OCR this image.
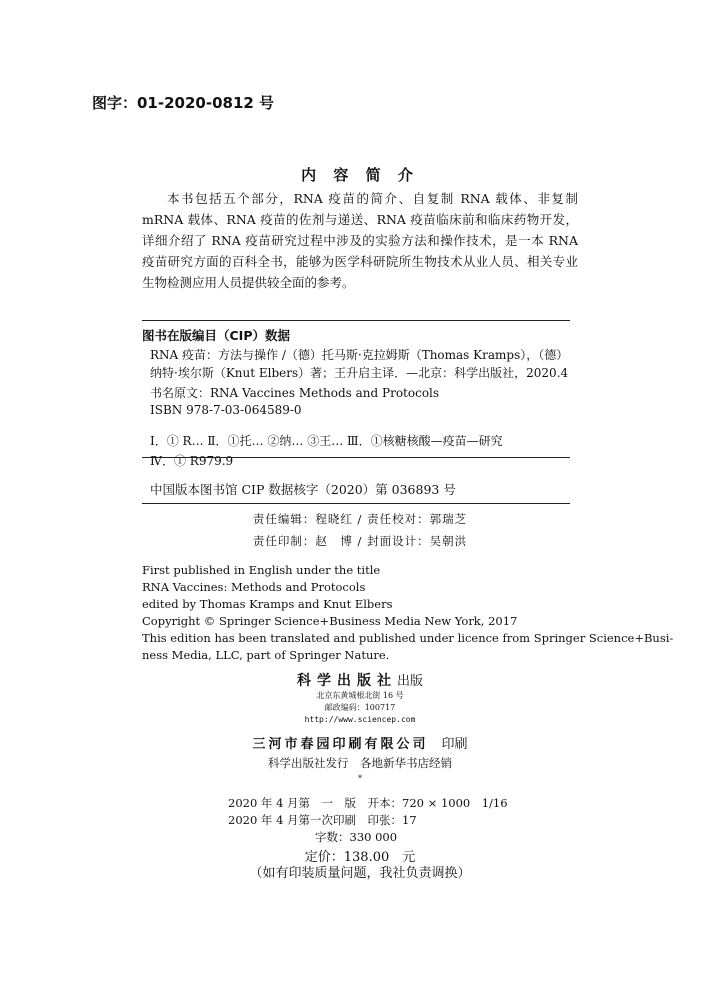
图字：01-2020-0812 号
内 容 简 介

本书包括五个部分，RNA 疫苗的简介、自复制 RNA 载体、非复制 mRNA 载体、RNA 疫苗的佐剂与递送、RNA 疫苗临床前和临床药物开发，详细介绍了 RNA 疫苗研究过程中涉及的实验方法和操作技术，是一本 RNA 疫苗研究方面的百科全书，能够为医学科研院所生物技术从业人员、相关专业生物检测应用人员提供较全面的参考。

图书在版编目（CIP）数据
RNA 疫苗：方法与操作 /（德）托马斯·克拉姆斯（Thomas Kramps），（德）
纳特·埃尔斯（Knut Elbers）著；王升启主译．—北京：科学出版社，2020.4
书名原文：RNA Vaccines Methods and Protocols
ISBN 978-7-03-064589-0
Ⅰ．① R… Ⅱ．①托… ②纳… ③王… Ⅲ．①核糖核酸—疫苗—研究
Ⅳ．① R979.9
中国版本图书馆 CIP 数据核字（2020）第 036893 号
责任编辑：程晓红 / 责任校对：郭瑞芝
责任印制：赵　博 / 封面设计：吴朝洪
First published in English under the title
RNA Vaccines: Methods and Protocols
edited by Thomas Kramps and Knut Elbers
Copyright © Springer Science+Business Media New York, 2017
This edition has been translated and published under licence from Springer Science+Busi-
ness Media, LLC, part of Springer Nature.
科学出版社出版
北京东黄城根北街 16 号
邮政编码：100717
http://www.sciencep.com
三河市春园印刷有限公司　 印刷
科学出版社发行　各地新华书店经销
*
2020 年 4 月第　一　版　开本：720 × 1000　1/16
2020 年 4 月第一次印刷　印张：17
字数：330 000
定价：138.00　元
（如有印装质量问题，我社负责调换）
